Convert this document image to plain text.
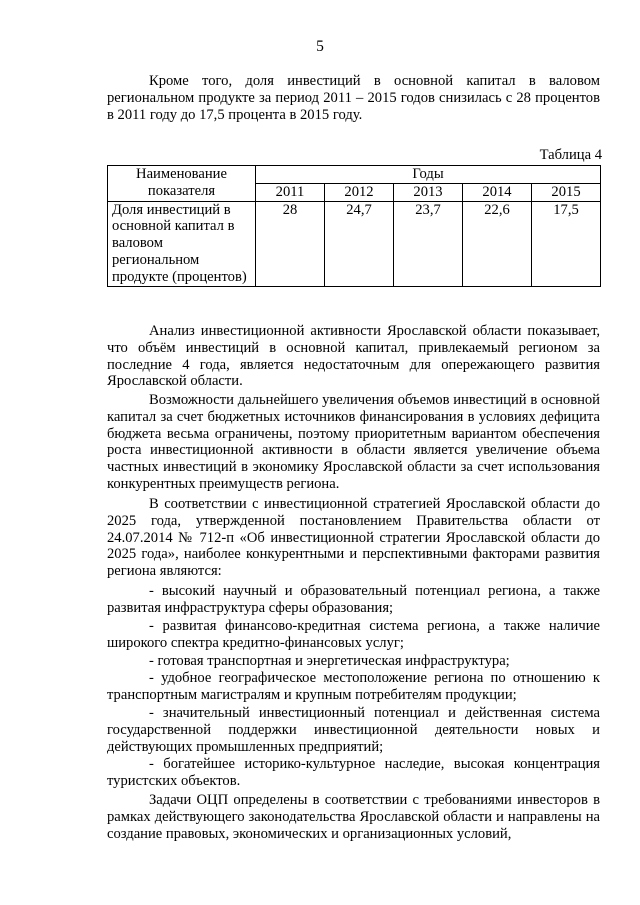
5

Кроме того, доля инвестиций в основной капитал в валовом региональном продукте за период 2011 – 2015 годов снизилась с 28 процентов в 2011 году до 17,5 процента в 2015 году.

Таблица 4
Наименование показателя	Годы				
	2011	2012	2013	2014	2015
Доля инвестиций в основной капитал в валовом региональном продукте (процентов)	28	24,7	23,7	22,6	17,5

Анализ инвестиционной активности Ярославской области показывает, что объём инвестиций в основной капитал, привлекаемый регионом за последние 4 года, является недостаточным для опережающего развития Ярославской области.

Возможности дальнейшего увеличения объемов инвестиций в основной капитал за счет бюджетных источников финансирования в условиях дефицита бюджета весьма ограничены, поэтому приоритетным вариантом обеспечения роста инвестиционной активности в области является увеличение объема частных инвестиций в экономику Ярославской области за счет использования конкурентных преимуществ региона.

В соответствии с инвестиционной стратегией Ярославской области до 2025 года, утвержденной постановлением Правительства области от 24.07.2014 № 712-п «Об инвестиционной стратегии Ярославской области до 2025 года», наиболее конкурентными и перспективными факторами развития региона являются:

- высокий научный и образовательный потенциал региона, а также развитая инфраструктура сферы образования;

- развитая финансово-кредитная система региона, а также наличие широкого спектра кредитно-финансовых услуг;

- готовая транспортная и энергетическая инфраструктура;

- удобное географическое местоположение региона по отношению к транспортным магистралям и крупным потребителям продукции;

- значительный инвестиционный потенциал и действенная система государственной поддержки инвестиционной деятельности новых и действующих промышленных предприятий;

- богатейшее историко-культурное наследие, высокая концентрация туристских объектов.

Задачи ОЦП определены в соответствии с требованиями инвесторов в рамках действующего законодательства Ярославской области и направлены на создание правовых, экономических и организационных условий,
